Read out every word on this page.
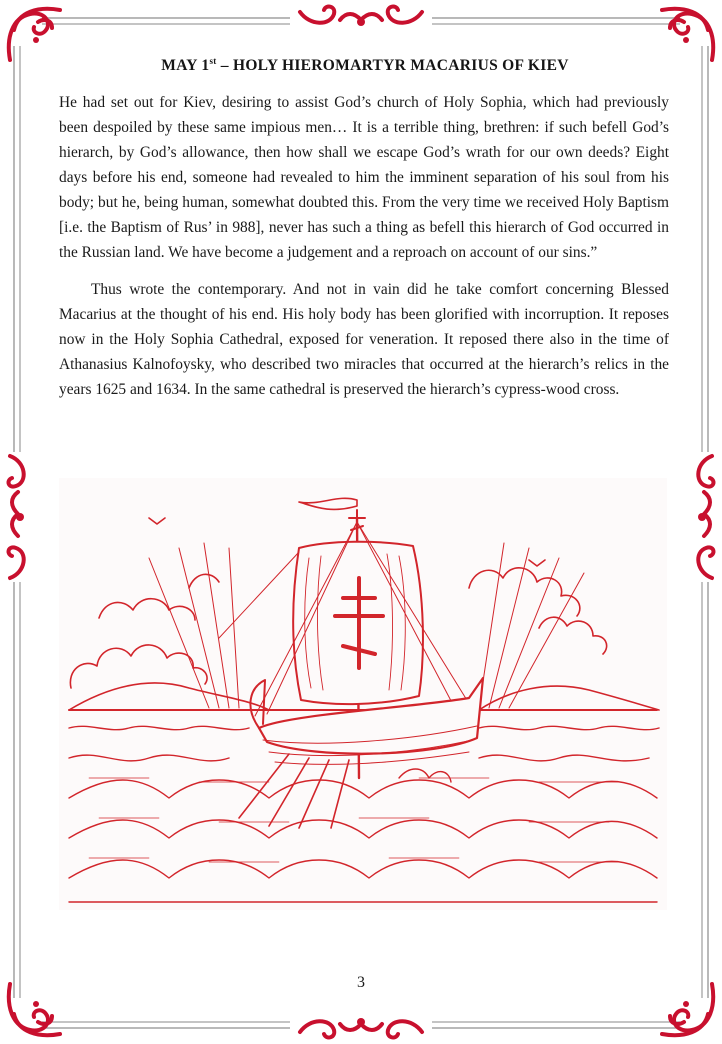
MAY 1st – HOLY HIEROMARTYR MACARIUS OF KIEV

He had set out for Kiev, desiring to assist God’s church of Holy Sophia, which had previously been despoiled by these same impious men… It is a terrible thing, brethren: if such befell God’s hierarch, by God’s allowance, then how shall we escape God’s wrath for our own deeds? Eight days before his end, someone had revealed to him the imminent separation of his soul from his body; but he, being human, somewhat doubted this. From the very time we received Holy Baptism [i.e. the Baptism of Rus’ in 988], never has such a thing as befell this hierarch of God occurred in the Russian land. We have become a judgement and a reproach on account of our sins.”

Thus wrote the contemporary. And not in vain did he take comfort concerning Blessed Macarius at the thought of his end. His holy body has been glorified with incorruption. It reposes now in the Holy Sophia Cathedral, exposed for veneration. It reposed there also in the time of Athanasius Kalnofoysky, who described two miracles that occurred at the hierarch’s relics in the years 1625 and 1634. In the same cathedral is preserved the hierarch’s cypress-wood cross.

3
